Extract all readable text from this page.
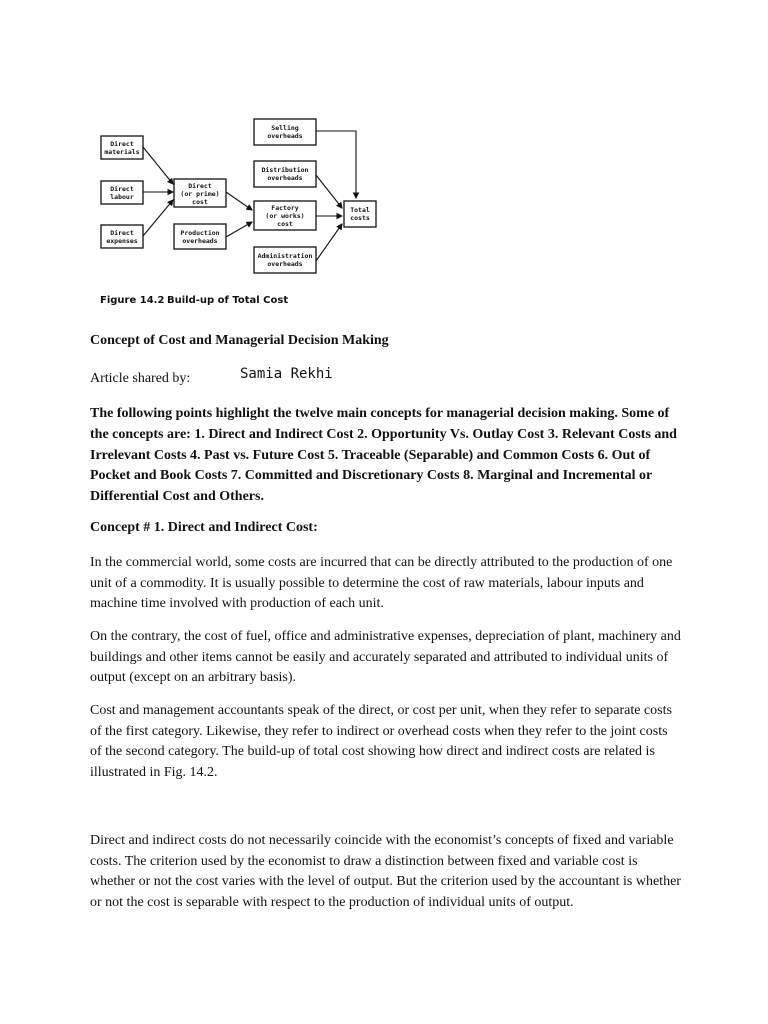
Direct
materials
Direct
labour
Direct
expenses
Direct
(or prime)
cost
Production
overheads
Selling
overheads
Distribution
overheads
Factory
(or works)
cost
Administration
overheads
Total
costs
Figure 14.2 Build-up of Total Cost

Concept of Cost and Managerial Decision Making

Article shared by:	Samia Rekhi

The following points highlight the twelve main concepts for managerial decision making. Some of the concepts are: 1. Direct and Indirect Cost 2. Opportunity Vs. Outlay Cost 3. Relevant Costs and Irrelevant Costs 4. Past vs. Future Cost 5. Traceable (Separable) and Common Costs 6. Out of Pocket and Book Costs 7. Committed and Discretionary Costs 8. Marginal and Incremental or Differential Cost and Others.

Concept # 1. Direct and Indirect Cost:

In the commercial world, some costs are incurred that can be directly attributed to the production of one unit of a commodity. It is usually possible to determine the cost of raw materials, labour inputs and machine time involved with production of each unit.

On the contrary, the cost of fuel, office and administrative expenses, depreciation of plant, machinery and buildings and other items cannot be easily and accurately separated and attributed to individual units of output (except on an arbitrary basis).

Cost and management accountants speak of the direct, or cost per unit, when they refer to separate costs of the first category. Likewise, they refer to indirect or overhead costs when they refer to the joint costs of the second category. The build-up of total cost showing how direct and indirect costs are related is illustrated in Fig. 14.2.

Direct and indirect costs do not necessarily coincide with the economist’s concepts of fixed and variable costs. The criterion used by the economist to draw a distinction between fixed and variable cost is whether or not the cost varies with the level of output. But the criterion used by the accountant is whether or not the cost is separable with respect to the production of individual units of output.
